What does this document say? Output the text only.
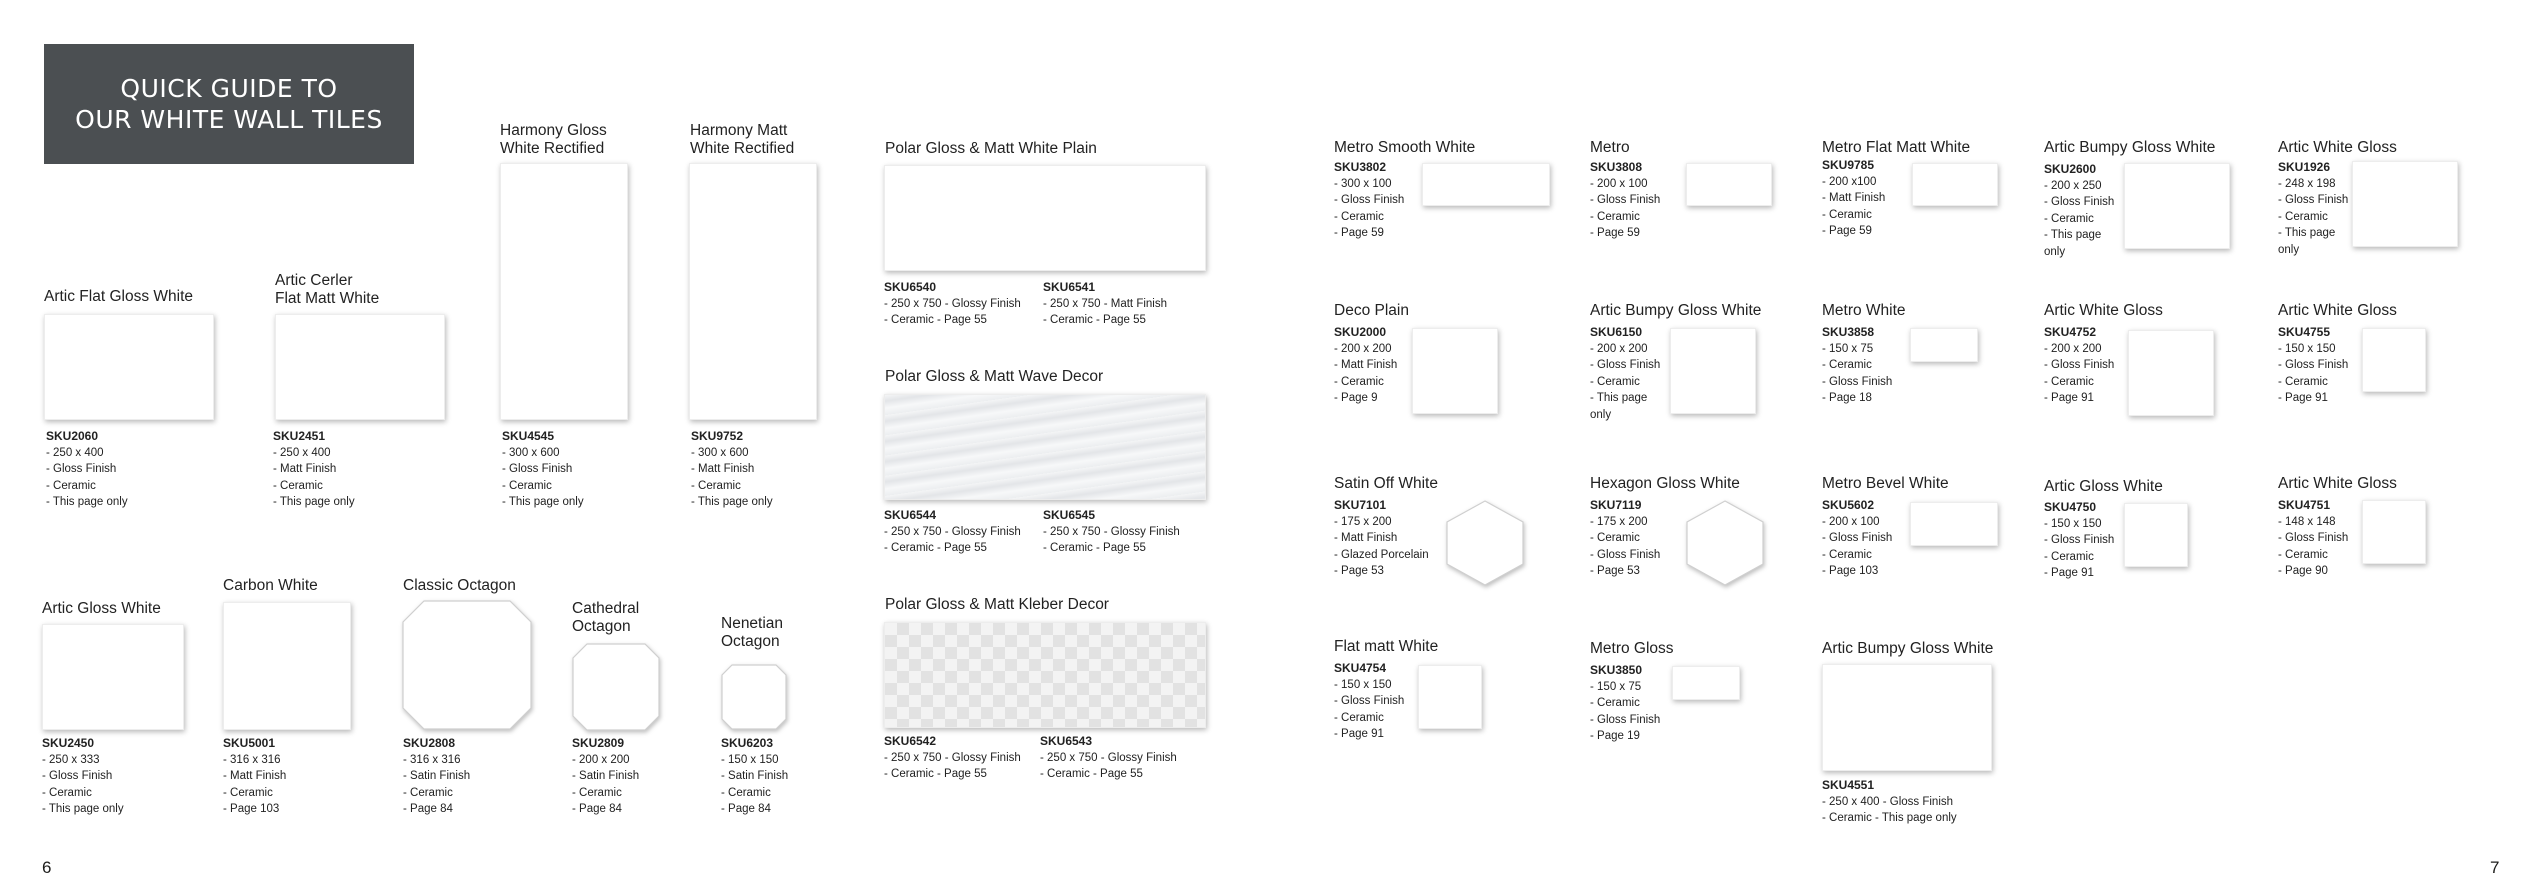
QUICK GUIDE TO
OUR WHITE WALL TILES
Artic Flat Gloss White
SKU2060
- 250 x 400
- Gloss Finish
- Ceramic
- This page only
Artic Cerler
Flat Matt White
SKU2451
- 250 x 400
- Matt Finish
- Ceramic
- This page only
Harmony Gloss
White Rectified
SKU4545
- 300 x 600
- Gloss Finish
- Ceramic
- This page only
Harmony Matt
White Rectified
SKU9752
- 300 x 600
- Matt Finish
- Ceramic
- This page only
Polar Gloss & Matt White Plain
SKU6540
- 250 x 750 - Glossy Finish
- Ceramic - Page 55
SKU6541
- 250 x 750 - Matt Finish
- Ceramic - Page 55
Polar Gloss & Matt Wave Decor
SKU6544
- 250 x 750 - Glossy Finish
- Ceramic - Page 55
SKU6545
- 250 x 750 - Glossy Finish
- Ceramic - Page 55
Polar Gloss & Matt Kleber Decor
SKU6542
- 250 x 750 - Glossy Finish
- Ceramic - Page 55
SKU6543
- 250 x 750 - Glossy Finish
- Ceramic - Page 55
Artic Gloss White
SKU2450
- 250 x 333
- Gloss Finish
- Ceramic
- This page only
Carbon White
SKU5001
- 316 x 316
- Matt Finish
- Ceramic
- Page 103
Classic Octagon
SKU2808
- 316 x 316
- Satin Finish
- Ceramic
- Page 84
Cathedral
Octagon
SKU2809
- 200 x 200
- Satin Finish
- Ceramic
- Page 84
Nenetian
Octagon
SKU6203
- 150 x 150
- Satin Finish
- Ceramic
- Page 84
6
Metro Smooth White
SKU3802
- 300 x 100
- Gloss Finish
- Ceramic
- Page 59
Metro
SKU3808
- 200 x 100
- Gloss Finish
- Ceramic
- Page 59
Metro Flat Matt White
SKU9785
- 200 x100
- Matt Finish
- Ceramic
- Page 59
Artic Bumpy Gloss White
SKU2600
- 200 x 250
- Gloss Finish
- Ceramic
- This page
only
Artic White Gloss
SKU1926
- 248 x 198
- Gloss Finish
- Ceramic
- This page
only
Deco Plain
SKU2000
- 200 x 200
- Matt Finish
- Ceramic
- Page 9
Artic Bumpy Gloss White
SKU6150
- 200 x 200
- Gloss Finish
- Ceramic
- This page
only
Metro White
SKU3858
- 150 x 75
- Ceramic
- Gloss Finish
- Page 18
Artic White Gloss
SKU4752
- 200 x 200
- Gloss Finish
- Ceramic
- Page 91
Artic White Gloss
SKU4755
- 150 x 150
- Gloss Finish
- Ceramic
- Page 91
Satin Off White
SKU7101
- 175 x 200
- Matt Finish
- Glazed Porcelain
- Page 53
Hexagon Gloss White
SKU7119
- 175 x 200
- Ceramic
- Gloss Finish
- Page 53
Metro Bevel White
SKU5602
- 200 x 100
- Gloss Finish
- Ceramic
- Page 103
Artic Gloss White
SKU4750
- 150 x 150
- Gloss Finish
- Ceramic
- Page 91
Artic White Gloss
SKU4751
- 148 x 148
- Gloss Finish
- Ceramic
- Page 90
Flat matt White
SKU4754
- 150 x 150
- Gloss Finish
- Ceramic
- Page 91
Metro Gloss
SKU3850
- 150 x 75
- Ceramic
- Gloss Finish
- Page 19
Artic Bumpy Gloss White
SKU4551
- 250 x 400 - Gloss Finish
- Ceramic - This page only
7
